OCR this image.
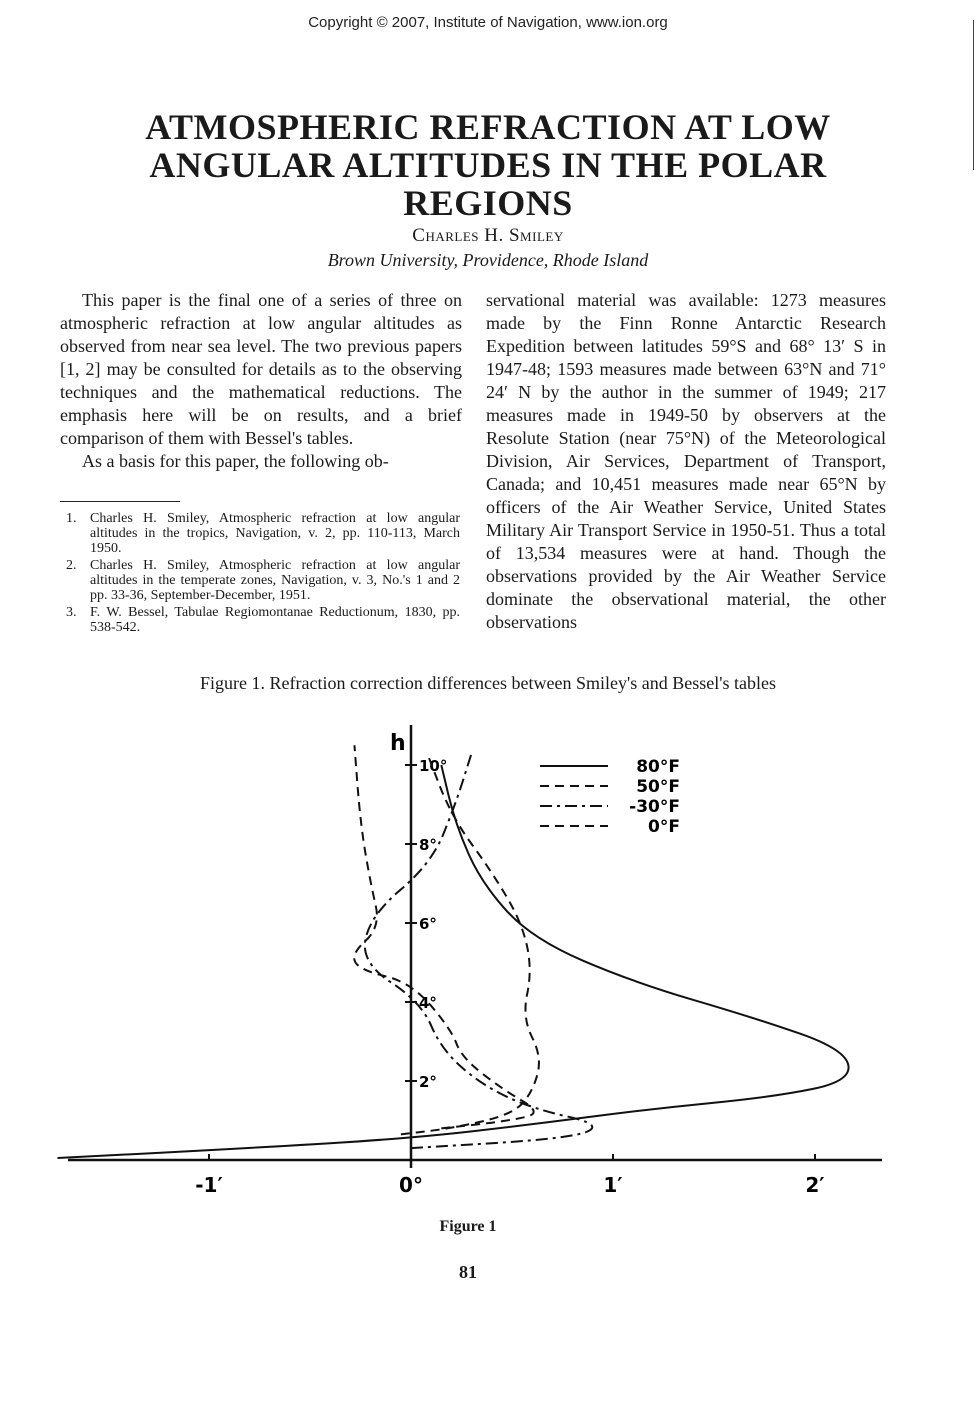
Copyright © 2007, Institute of Navigation, www.ion.org
ATMOSPHERIC REFRACTION AT LOW ANGULAR ALTITUDES IN THE POLAR REGIONS
Charles H. Smiley
Brown University, Providence, Rhode Island

This paper is the final one of a series of three on atmospheric refraction at low angular altitudes as observed from near sea level. The two previous papers [1, 2] may be consulted for details as to the observing techniques and the mathematical reductions. The emphasis here will be on results, and a brief comparison of them with Bessel's tables.

As a basis for this paper, the following ob-

1. Charles H. Smiley, Atmospheric refraction at low angular altitudes in the tropics, Navigation, v. 2, pp. 110-113, March 1950.
2. Charles H. Smiley, Atmospheric refraction at low angular altitudes in the temperate zones, Navigation, v. 3, No.'s 1 and 2 pp. 33-36, September-December, 1951.
3. F. W. Bessel, Tabulae Regiomontanae Reductionum, 1830, pp. 538-542.

servational material was available: 1273 measures made by the Finn Ronne Antarctic Research Expedition between latitudes 59°S and 68° 13′ S in 1947-48; 1593 measures made between 63°N and 71° 24′ N by the author in the summer of 1949; 217 measures made in 1949-50 by observers at the Resolute Station (near 75°N) of the Meteorological Division, Air Services, Department of Transport, Canada; and 10,451 measures made near 65°N by officers of the Air Weather Service, United States Military Air Transport Service in 1950-51. Thus a total of 13,534 measures were at hand. Though the observations provided by the Air Weather Service dominate the observational material, the other observations

Figure 1. Refraction correction differences between Smiley's and Bessel's tables
h
2°
4°
6°
8°
10°
-1′	0°	1′	2′
80°F
50°F
-30°F
0°F
Figure 1
81
